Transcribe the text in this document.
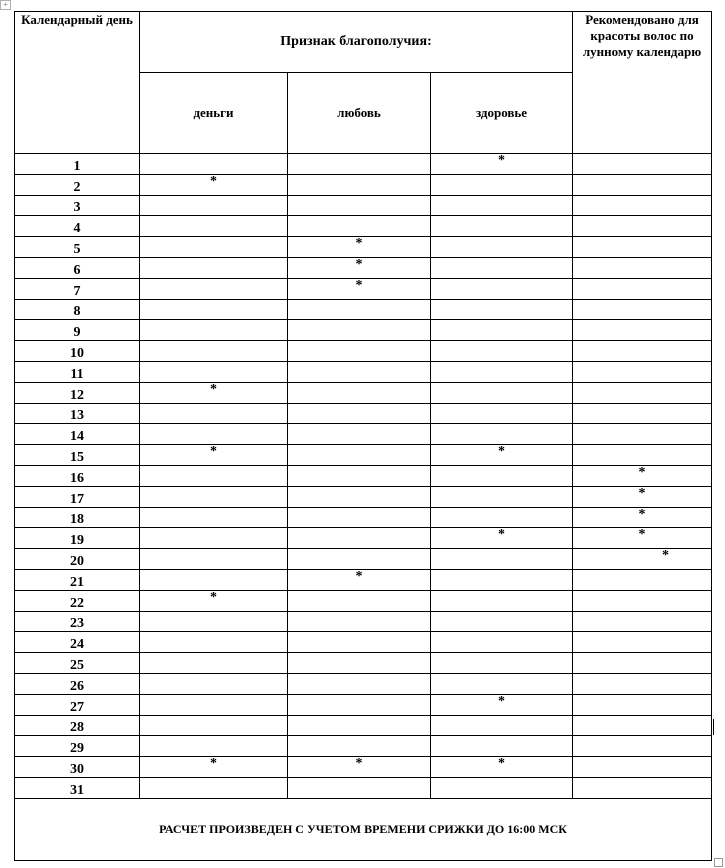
+
Календарный день	Признак благополучия:			Рекомендовано для красоты волос по лунному календарю
	деньги	любовь	здоровье	
1			*	
2	*			
3				
4				
5		*		
6		*		
7		*		
8				
9				
10				
11				
12	*			
13				
14				
15	*		*	
16				*
17				*
18				*
19			*	*
20				*
21		*		
22	*			
23				
24				
25				
26				
27			*	
28				
29				
30	*	*	*	
31				
РАСЧЕТ ПРОИЗВЕДЕН С УЧЕТОМ ВРЕМЕНИ СРИЖКИ ДО 16:00 МСК				
